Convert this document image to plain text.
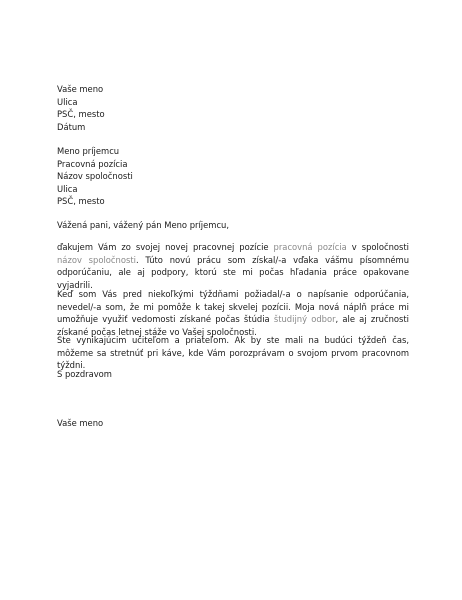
Vaše meno
Ulica
PSČ, mesto
Dátum
Meno príjemcu
Pracovná pozícia
Názov spoločnosti
Ulica
PSČ, mesto
Vážená pani, vážený pán Meno príjemcu,
ďakujem Vám zo svojej novej pracovnej pozície pracovná pozícia v spoločnosti názov spoločnosti. Túto novú prácu som získal/-a vďaka vášmu písomnému odporúčaniu, ale aj podpory, ktorú ste mi počas hľadania práce opakovane vyjadrili.
Keď som Vás pred niekoľkými týždňami požiadal/-a o napísanie odporúčania, nevedel/-a som, že mi pomôže k takej skvelej pozícii. Moja nová náplň práce mi umožňuje využiť vedomosti získané počas štúdia študijný odbor, ale aj zručnosti získané počas letnej stáže vo Vašej spoločnosti.
Ste vynikajúcim učiteľom a priateľom. Ak by ste mali na budúci týždeň čas, môžeme sa stretnúť pri káve, kde Vám porozprávam o svojom prvom pracovnom týždni.
S pozdravom
Vaše meno
